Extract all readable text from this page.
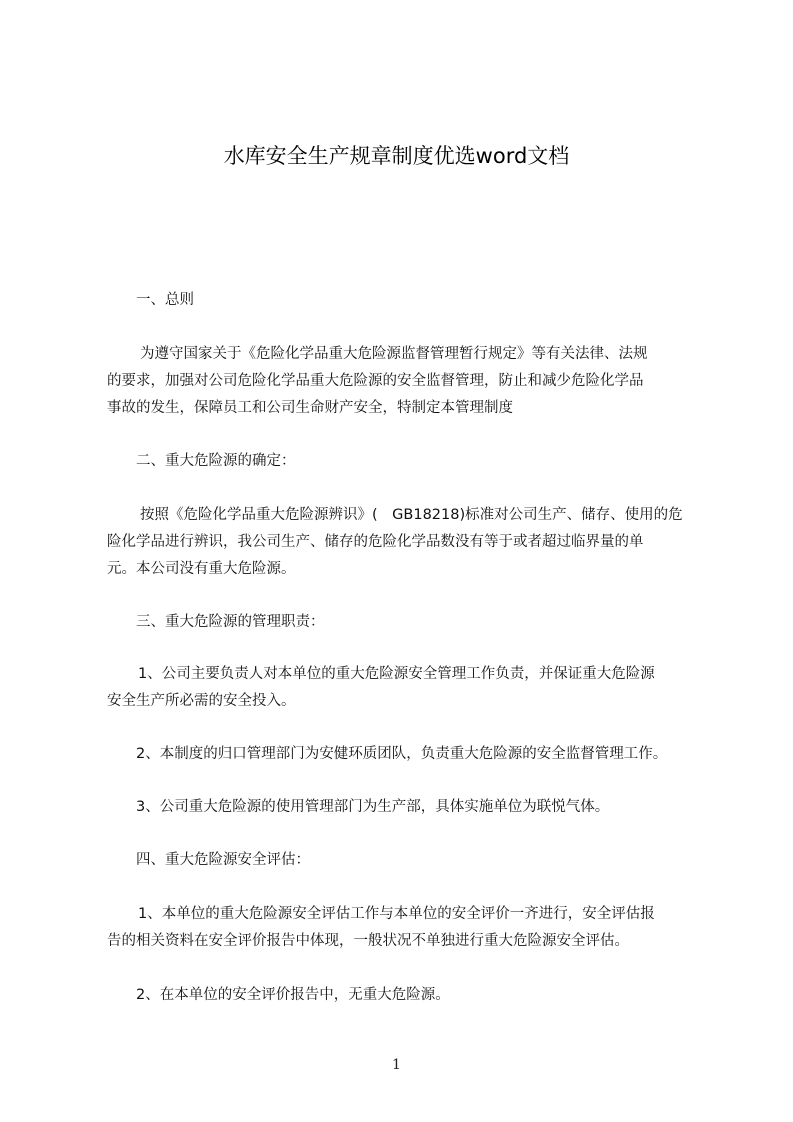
水库安全生产规章制度优选word文档
一、总则
为遵守国家关于《危险化学品重大危险源监督管理暂行规定》等有关法律、法规
的要求，加强对公司危险化学品重大危险源的安全监督管理，防止和减少危险化学品
事故的发生，保障员工和公司生命财产安全，特制定本管理制度
二、重大危险源的确定：
按照《危险化学品重大危险源辨识》(　GB18218)标准对公司生产、储存、使用的危
险化学品进行辨识，我公司生产、储存的危险化学品数没有等于或者超过临界量的单
元。本公司没有重大危险源。
三、重大危险源的管理职责：
1、公司主要负责人对本单位的重大危险源安全管理工作负责，并保证重大危险源
安全生产所必需的安全投入。
2、本制度的归口管理部门为安健环质团队，负责重大危险源的安全监督管理工作。
3、公司重大危险源的使用管理部门为生产部，具体实施单位为联悦气体。
四、重大危险源安全评估：
1、本单位的重大危险源安全评估工作与本单位的安全评价一齐进行，安全评估报
告的相关资料在安全评价报告中体现，一般状况不单独进行重大危险源安全评估。
2、在本单位的安全评价报告中，无重大危险源。
1
